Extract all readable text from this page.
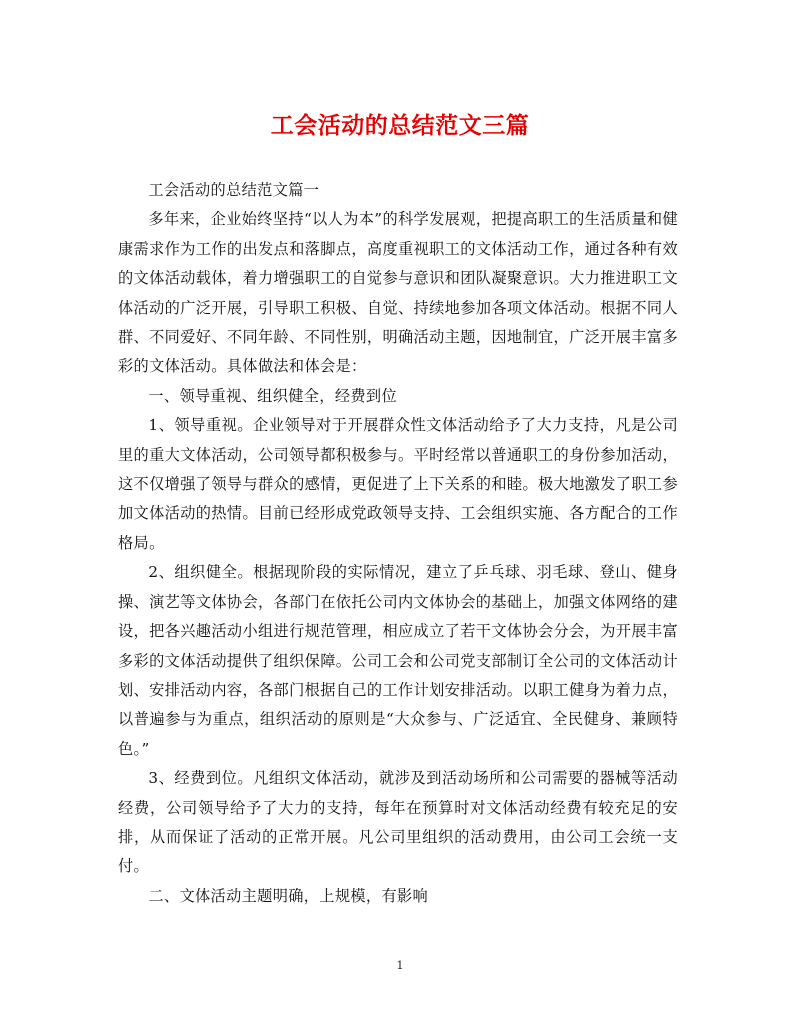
工会活动的总结范文三篇

工会活动的总结范文篇一

多年来，企业始终坚持“以人为本”的科学发展观，把提高职工的生活质量和健康需求作为工作的出发点和落脚点，高度重视职工的文体活动工作，通过各种有效的文体活动载体，着力增强职工的自觉参与意识和团队凝聚意识。大力推进职工文体活动的广泛开展，引导职工积极、自觉、持续地参加各项文体活动。根据不同人群、不同爱好、不同年龄、不同性别，明确活动主题，因地制宜，广泛开展丰富多彩的文体活动。具体做法和体会是：

一、领导重视、组织健全，经费到位

1、领导重视。企业领导对于开展群众性文体活动给予了大力支持，凡是公司里的重大文体活动，公司领导都积极参与。平时经常以普通职工的身份参加活动，这不仅增强了领导与群众的感情，更促进了上下关系的和睦。极大地激发了职工参加文体活动的热情。目前已经形成党政领导支持、工会组织实施、各方配合的工作格局。

2、组织健全。根据现阶段的实际情况，建立了乒乓球、羽毛球、登山、健身操、演艺等文体协会，各部门在依托公司内文体协会的基础上，加强文体网络的建设，把各兴趣活动小组进行规范管理，相应成立了若干文体协会分会，为开展丰富多彩的文体活动提供了组织保障。公司工会和公司党支部制订全公司的文体活动计划、安排活动内容，各部门根据自己的工作计划安排活动。以职工健身为着力点，以普遍参与为重点，组织活动的原则是“大众参与、广泛适宜、全民健身、兼顾特色。”

3、经费到位。凡组织文体活动，就涉及到活动场所和公司需要的器械等活动经费，公司领导给予了大力的支持，每年在预算时对文体活动经费有较充足的安排，从而保证了活动的正常开展。凡公司里组织的活动费用，由公司工会统一支付。

二、文体活动主题明确，上规模，有影响

1
